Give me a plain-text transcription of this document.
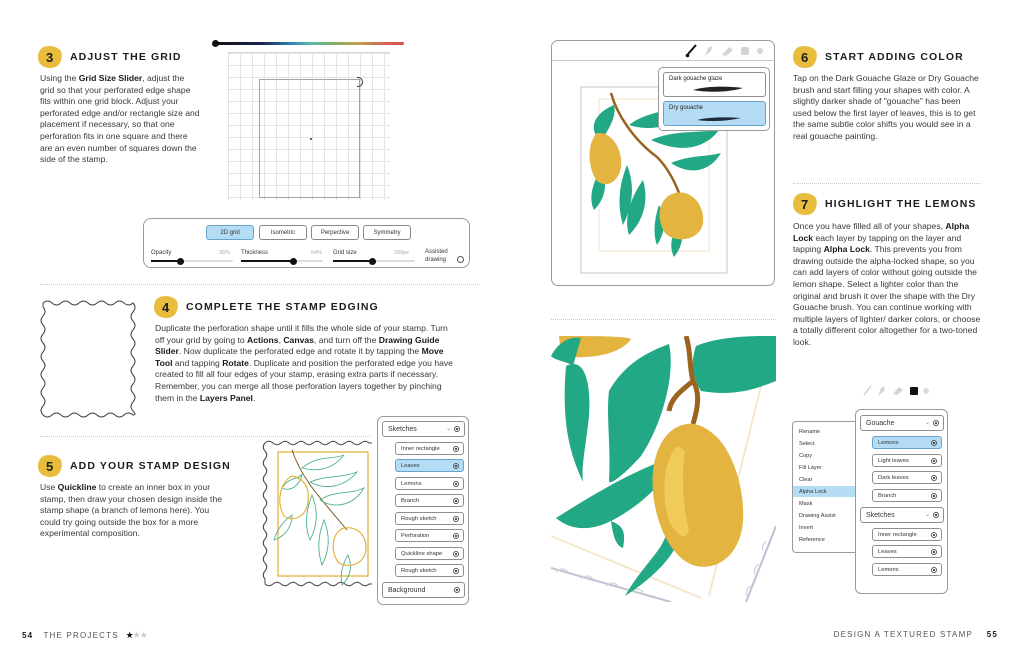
3 ADJUST THE GRID
Using the Grid Size Slider, adjust the grid so that your perforated edge shape fits within one grid block. Adjust your perforated edge and/or rectangle size and placement if necessary, so that one perforation fits in one square and there are an even number of squares down the side of the stamp.
2D grid	Isometric	Perpective	Symmetry
Opacity	36% Thickness	64% Grid size	206px	Assisted drawing
4 COMPLETE THE STAMP EDGING
Duplicate the perforation shape until it fills the whole side of your stamp. Turn off your grid by going to Actions, Canvas, and turn off the Drawing Guide Slider. Now duplicate the perforated edge and rotate it by tapping the Move Tool and tapping Rotate. Duplicate and position the perforated edge you have created to fill all four edges of your stamp, erasing extra parts if necessary. Remember, you can merge all those perforation layers together by pinching them in the Layers Panel.
5 ADD YOUR STAMP DESIGN
Use Quickline to create an inner box in your stamp, then draw your chosen design inside the stamp shape (a branch of lemons here). You could try going outside the box for a more experimental composition.
Sketches	⌄
Inner rectangle
Leaves
Lemons
Branch
Rough sketch
Perforation
Quickline shape
Rough sketch
Background
54 THE PROJECTS ★★★
Dark gouache glaze
Dry gouache
6 START ADDING COLOR
Tap on the Dark Gouache Glaze or Dry Gouache brush and start filling your shapes with color. A slightly darker shade of "gouache" has been used below the first layer of leaves, this is to get the same subtle color shifts you would see in a real gouache painting.
7 HIGHLIGHT THE LEMONS
Once you have filled all of your shapes, Alpha Lock each layer by tapping on the layer and tapping Alpha Lock. This prevents you from drawing outside the alpha-locked shape, so you can add layers of color without going outside the lemon shape. Select a lighter color than the original and brush it over the shape with the Dry Gouache brush. You can continue working with multiple layers of lighter/ darker colors, or choose a totally different color altogether for a two-toned look.
Rename
Select
Copy
Fill Layer
Clear
Alpha Lock
Mask
Drawing Assist
Invert
Reference
Gouache	⌄
Lemons
Light leaves
Dark leaves
Branch
Sketches	⌄
Inner rectangle
Leaves
Lemons
DESIGN A TEXTURED STAMP 55
